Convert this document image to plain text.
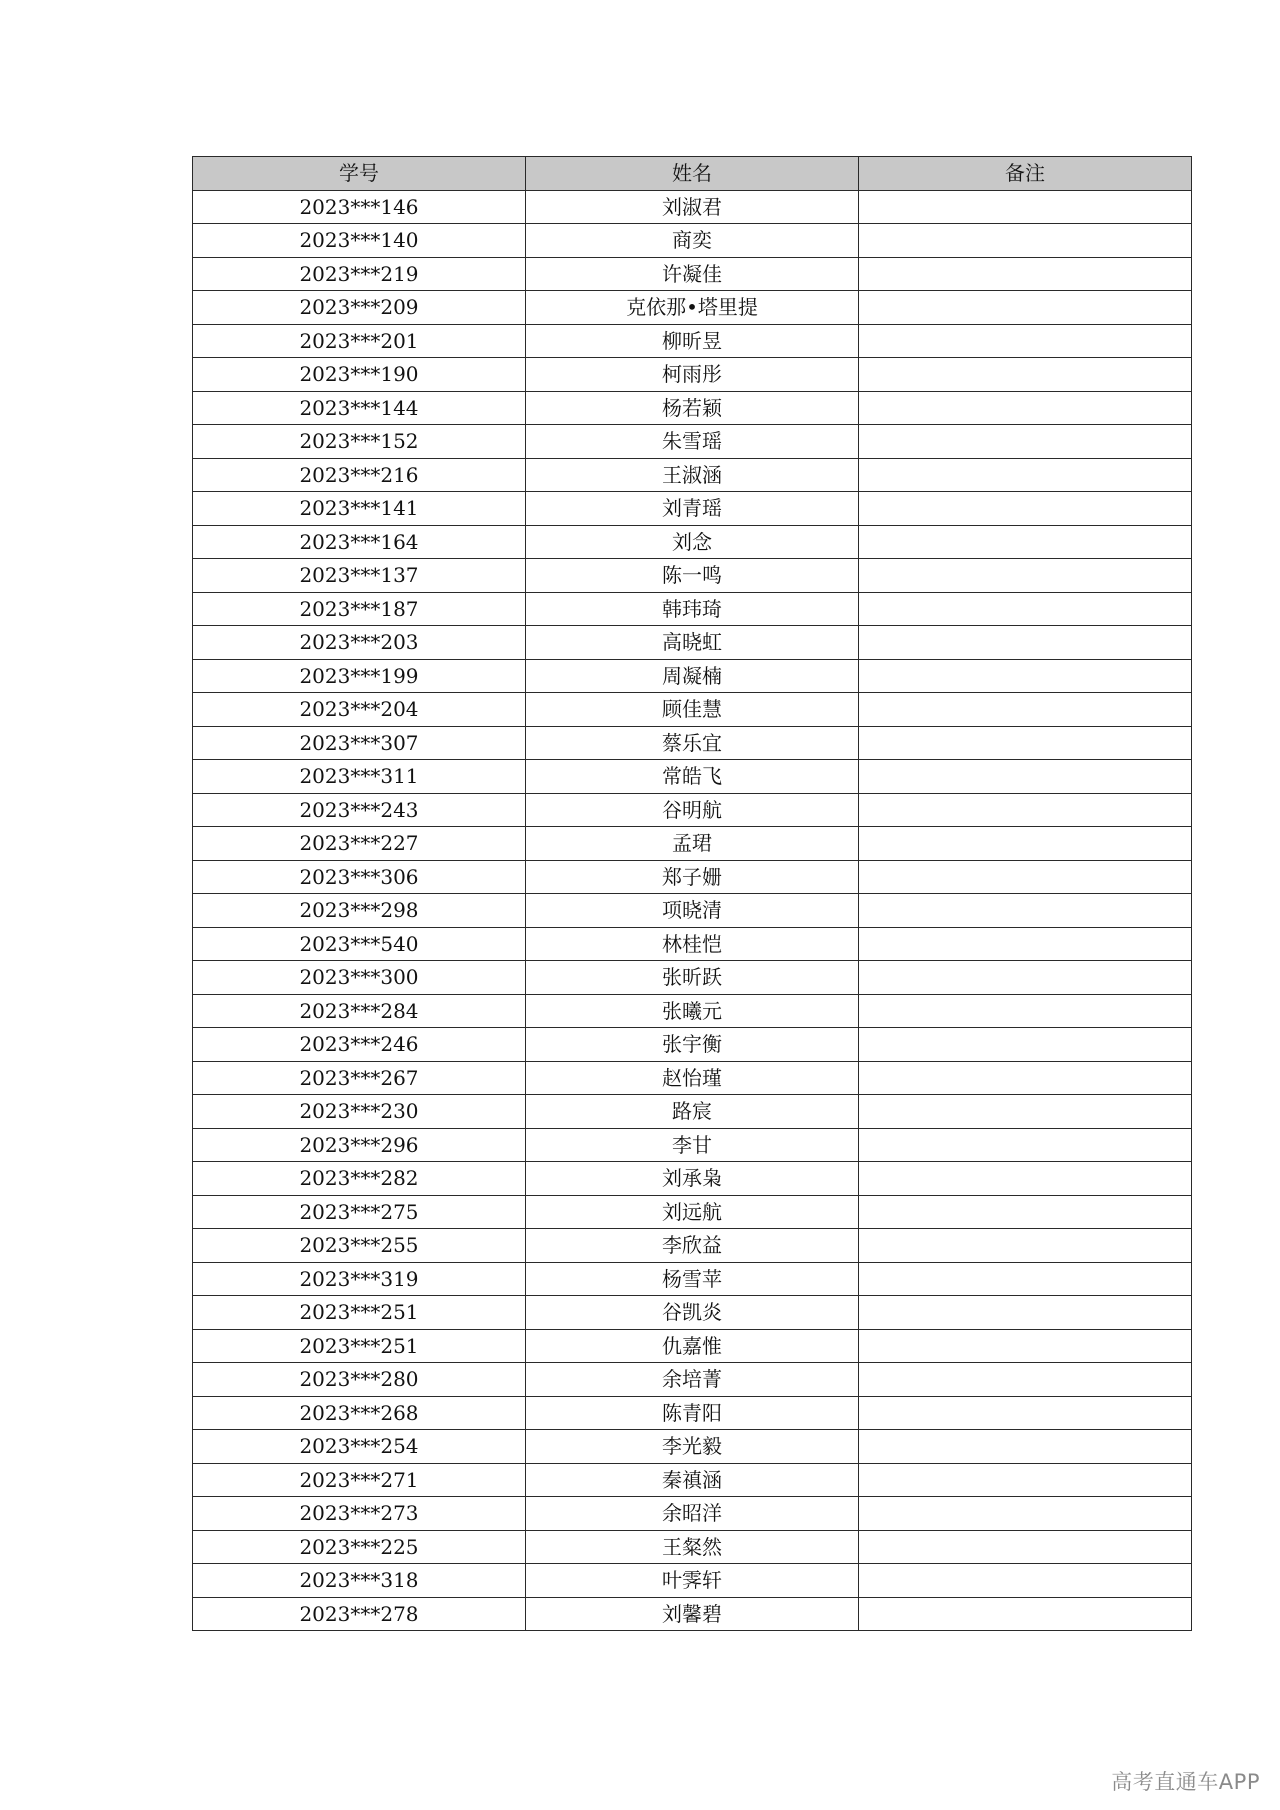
学号	姓名	备注
2023***146	刘淑君	
2023***140	商奕	
2023***219	许凝佳	
2023***209	克依那•塔里提	
2023***201	柳昕昱	
2023***190	柯雨彤	
2023***144	杨若颖	
2023***152	朱雪瑶	
2023***216	王淑涵	
2023***141	刘青瑶	
2023***164	刘念	
2023***137	陈一鸣	
2023***187	韩玮琦	
2023***203	高晓虹	
2023***199	周凝楠	
2023***204	顾佳慧	
2023***307	蔡乐宜	
2023***311	常皓飞	
2023***243	谷明航	
2023***227	孟珺	
2023***306	郑子姗	
2023***298	项晓清	
2023***540	林桂恺	
2023***300	张昕跃	
2023***284	张曦元	
2023***246	张宇衡	
2023***267	赵怡瑾	
2023***230	路宸	
2023***296	李甘	
2023***282	刘承枭	
2023***275	刘远航	
2023***255	李欣益	
2023***319	杨雪苹	
2023***251	谷凯炎	
2023***251	仇嘉惟	
2023***280	余培菁	
2023***268	陈青阳	
2023***254	李光毅	
2023***271	秦禛涵	
2023***273	余昭洋	
2023***225	王粲然	
2023***318	叶霁轩	
2023***278	刘馨碧	
高考直通车APP
